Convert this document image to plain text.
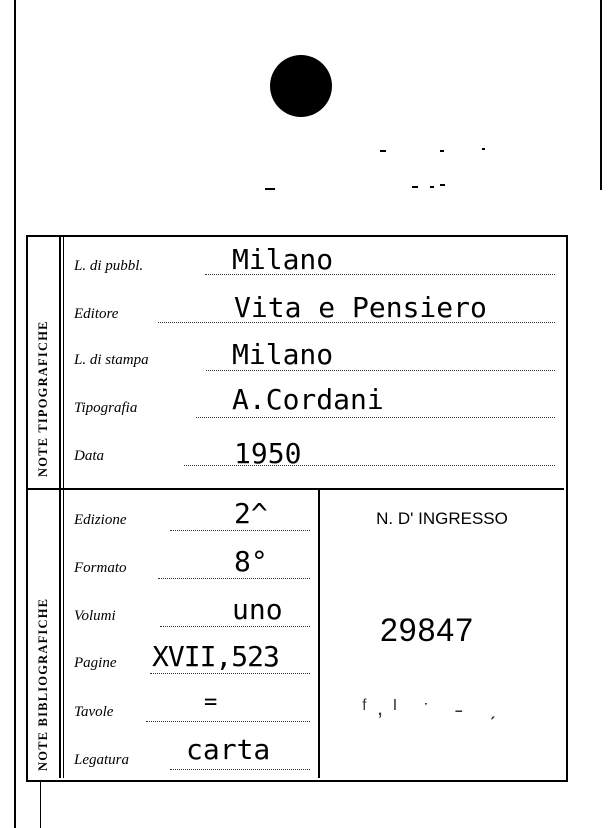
NOTE TIPOGRAFICHE
NOTE BIBLIOGRAFICHE
L. di pubbl.	Milano
Editore	Vita e Pensiero
L. di stampa	Milano
Tipografia	A.Cordani
Data	1950
Edizione	2^
Formato	8°
Volumi	uno
Pagine XVII,523
Tavole	=
Legatura carta
N. D' INGRESSO
29847
ᶠ,ᴵ ˑ ˗ ˏ
